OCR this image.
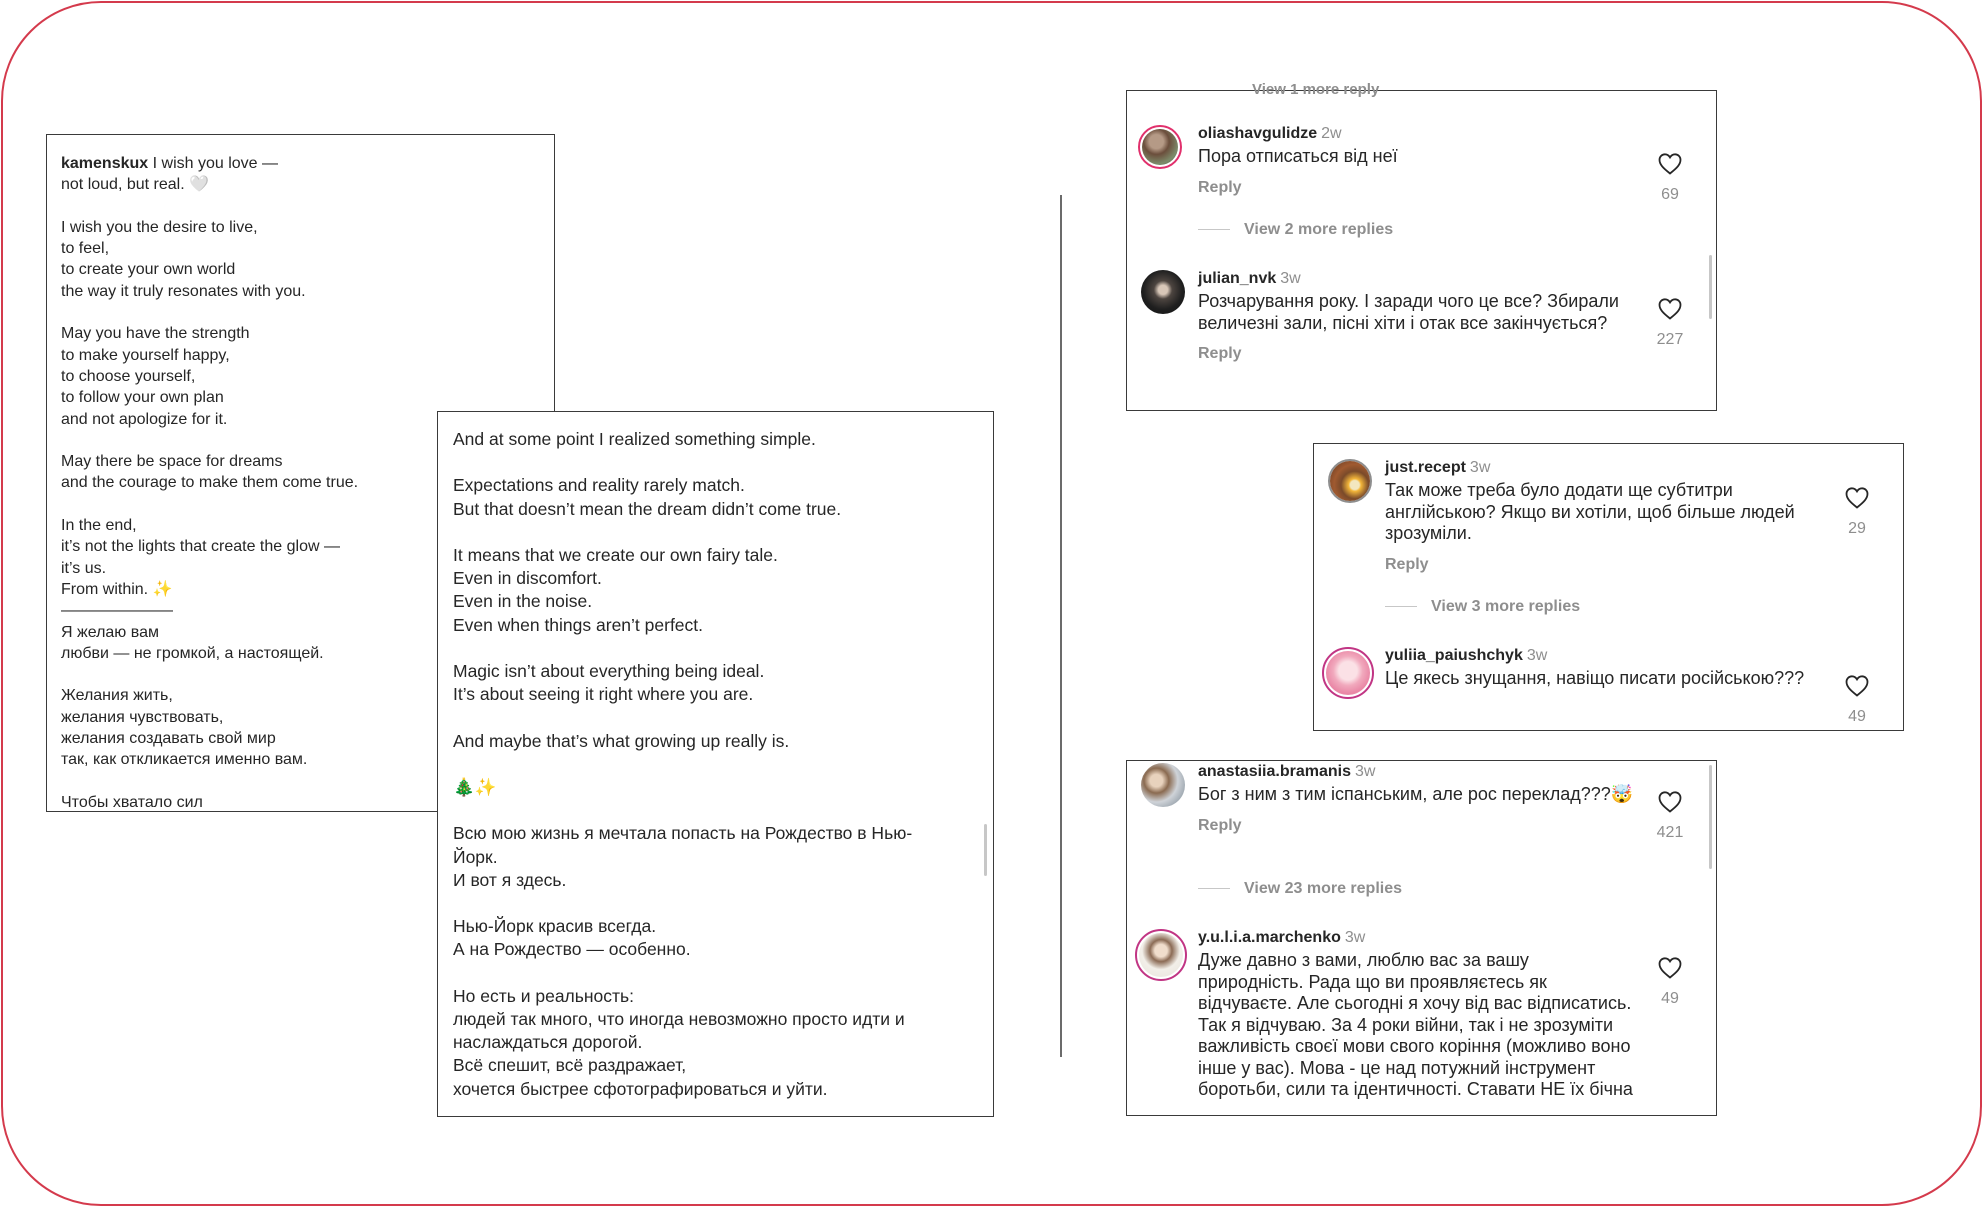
kamenskux I wish you love —
not loud, but real. 🤍
I wish you the desire to live,
to feel,
to create your own world
the way it truly resonates with you.
May you have the strength
to make yourself happy,
to choose yourself,
to follow your own plan
and not apologize for it.
May there be space for dreams
and the courage to make them come true.
In the end,
it’s not the lights that create the glow —
it’s us.
From within. ✨
———————
Я желаю вам
любви — не громкой, а настоящей.
Желания жить,
желания чувствовать,
желания создавать свой мир
так, как откликается именно вам.
Чтобы хватало сил
And at some point I realized something simple.
Expectations and reality rarely match.
But that doesn’t mean the dream didn’t come true.
It means that we create our own fairy tale.
Even in discomfort.
Even in the noise.
Even when things aren’t perfect.
Magic isn’t about everything being ideal.
It’s about seeing it right where you are.
And maybe that’s what growing up really is.
🎄✨
Всю мою жизнь я мечтала попасть на Рождество в Нью-
Йорк.
И вот я здесь.
Нью-Йорк красив всегда.
А на Рождество — особенно.
Но есть и реальность:
людей так много, что иногда невозможно просто идти и
наслаждаться дорогой.
Всё спешит, всё раздражает,
хочется быстрее сфотографироваться и уйти.
View 1 more reply
oliashavgulidze 2w
Пора отписаться від неї
Reply	69
View 2 more replies
julian_nvk 3w
Розчарування року. І заради чого це все? Збирали величезні зали, пісні хіти і отак все закінчується?
Reply
227
just.recept 3w
Так може треба було додати ще субтитри англійською? Якщо ви хотіли, щоб більше людей зрозуміли.
Reply
29
View 3 more replies
yuliia_paiushchyk 3w
Це якесь знущання, навіщо писати російською???
49
anastasiia.bramanis 3w
Бог з ним з тим іспанським, але рос переклад???🤯
Reply	421
View 23 more replies
y.u.l.i.a.marchenko 3w
Дуже давно з вами, люблю вас за вашу природність. Рада що ви проявляєтесь як відчуваєте. Але сьогодні я хочу від вас відписатись. Так я відчуваю. За 4 роки війни, так і не зрозуміти важливість своєї мови свого коріння (можливо воно інше у вас). Мова - це над потужний інструмент боротьби, сили та ідентичності. Ставати НЕ їх бічна
49
